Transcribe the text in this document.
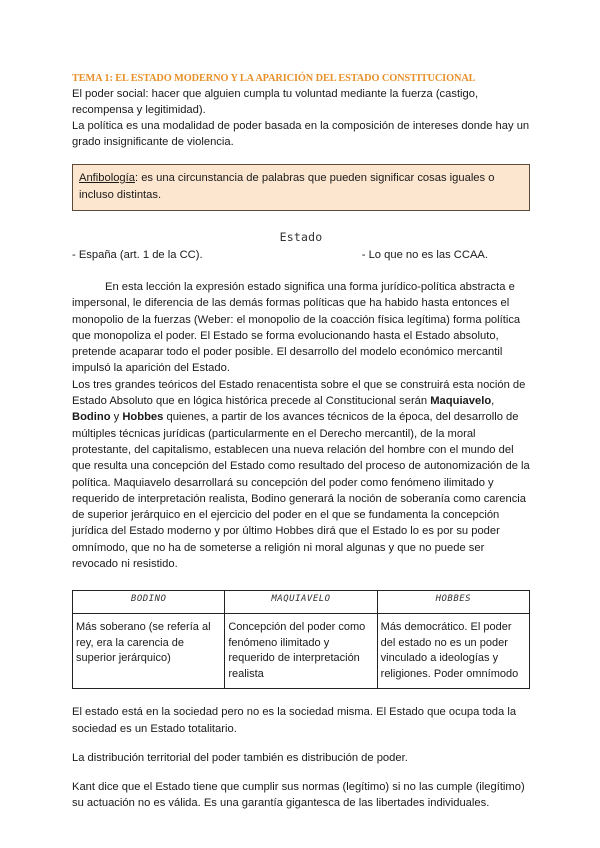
TEMA 1: EL ESTADO MODERNO Y LA APARICIÓN DEL ESTADO CONSTITUCIONAL

El poder social: hacer que alguien cumpla tu voluntad mediante la fuerza (castigo, recompensa y legitimidad).

La política es una modalidad de poder basada en la composición de intereses donde hay un grado insignificante de violencia.

Anfibología: es una circunstancia de palabras que pueden significar cosas iguales o incluso distintas.
Estado
- España (art. 1 de la CC).	- Lo que no es las CCAA.

En esta lección la expresión estado significa una forma jurídico-política abstracta e impersonal, le diferencia de las demás formas políticas que ha habido hasta entonces el monopolio de la fuerzas (Weber: el monopolio de la coacción física legítima) forma política que monopoliza el poder. El Estado se forma evolucionando hasta el Estado absoluto, pretende acaparar todo el poder posible. El desarrollo del modelo económico mercantil impulsó la aparición del Estado.

Los tres grandes teóricos del Estado renacentista sobre el que se construirá esta noción de Estado Absoluto que en lógica histórica precede al Constitucional serán Maquiavelo, Bodino y Hobbes quienes, a partir de los avances técnicos de la época, del desarrollo de múltiples técnicas jurídicas (particularmente en el Derecho mercantil), de la moral protestante, del capitalismo, establecen una nueva relación del hombre con el mundo del que resulta una concepción del Estado como resultado del proceso de autonomización de la política. Maquiavelo desarrollará su concepción del poder como fenómeno ilimitado y requerido de interpretación realista, Bodino generará la noción de soberanía como carencia de superior jerárquico en el ejercicio del poder en el que se fundamenta la concepción jurídica del Estado moderno y por último Hobbes dirá que el Estado lo es por su poder omnímodo, que no ha de someterse a religión ni moral algunas y que no puede ser revocado ni resistido.

BODINO	MAQUIAVELO	HOBBES
Más soberano (se refería al rey, era la carencia de superior jerárquico)	Concepción del poder como fenómeno ilimitado y requerido de interpretación realista	Más democrático. El poder del estado no es un poder vinculado a ideologías y religiones. Poder omnímodo

El estado está en la sociedad pero no es la sociedad misma. El Estado que ocupa toda la sociedad es un Estado totalitario.

La distribución territorial del poder también es distribución de poder.

Kant dice que el Estado tiene que cumplir sus normas (legítimo) si no las cumple (ilegítimo) su actuación no es válida. Es una garantía gigantesca de las libertades individuales.
